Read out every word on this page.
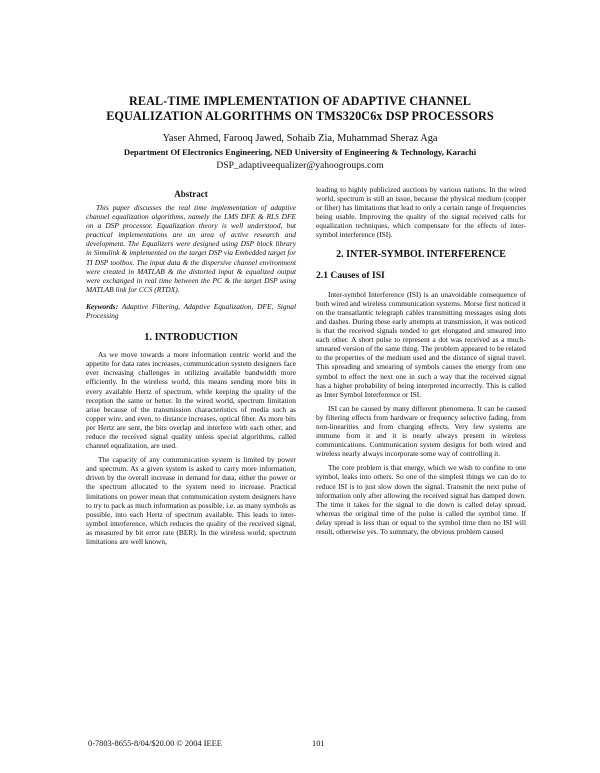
REAL-TIME IMPLEMENTATION OF ADAPTIVE CHANNEL
EQUALIZATION ALGORITHMS ON TMS320C6x DSP PROCESSORS
Yaser Ahmed, Farooq Jawed, Sohaib Zia, Muhammad Sheraz Aga
Department Of Electronics Engineering, NED University of Engineering & Technology, Karachi
DSP_adaptiveequalizer@yahoogroups.com

Abstract

This paper discusses the real time implementation of adaptive channel equalization algorithms, namely the LMS DFE & RLS DFE on a DSP processor. Equalization theory is well understood, but practical implementations are an area of active research and development. The Equalizers were designed using DSP block library in Simulink & implemented on the target DSP via Embedded target for TI DSP toolbox. The input data & the dispersive channel environment were created in MATLAB & the distorted input & equalized output were exchanged in real time between the PC & the target DSP using MATLAB link for CCS (RTDX).

Keywords: Adaptive Filtering, Adaptive Equalization, DFE, Signal Processing

1. INTRODUCTION

As we move towards a more information centric world and the appetite for data rates increases, communication system designers face ever increasing challenges in utilizing available bandwidth more efficiently. In the wireless world, this means sending more bits in every available Hertz of spectrum, while keeping the quality of the reception the same or better. In the wired world, spectrum limitation arise because of the transmission characteristics of media such as copper wire, and even, to distance increases, optical fiber. As more bits per Hertz are sent, the bits overlap and interfere with each other, and reduce the received signal quality unless special algorithms, called channel equalization, are used.

The capacity of any communication system is limited by power and spectrum. As a given system is asked to carry more information, driven by the overall increase in demand for data, either the power or the spectrum allocated to the system need to increase. Practical limitations on power mean that communication system designers have to try to pack as much information as possible, i.e. as many symbols as possible, into each Hertz of spectrum available. This leads to inter-symbol interference, which reduces the quality of the received signal, as measured by bit error rate (BER). In the wireless world, spectrum limitations are well known,

leading to highly publicized auctions by various nations. In the wired world, spectrum is still an issue, because the physical medium (copper or fiber) has limitations that lead to only a certain range of frequencies being usable. Improving the quality of the signal received calls for equalization techniques, which compensate for the effects of inter-symbol interference (ISI).

2. INTER-SYMBOL INTERFERENCE

2.1 Causes of ISI

Inter-symbol Interference (ISI) is an unavoidable consequence of both wired and wireless communication systems. Morse first noticed it on the transatlantic telegraph cables transmitting messages using dots and dashes. During these early attempts at transmission, it was noticed is that the received signals tended to get elongated and smeared into each other. A short pulse to represent a dot was received as a much-smeared version of the same thing. The problem appeared to be related to the properties of the medium used and the distance of signal travel. This spreading and smearing of symbols causes the energy from one symbol to effect the next one in such a way that the received signal has a higher probability of being interpreted incorrectly. This is called as Inter Symbol Interference or ISI.

ISI can be caused by many different phenomena. It can be caused by filtering effects from hardware or frequency selective fading, from non-linearities and from charging effects. Very few systems are immune from it and it is nearly always present in wireless communications. Communication system designs for both wired and wireless nearly always incorporate some way of controlling it.

The core problem is that energy, which we wish to confine to one symbol, leaks into others. So one of the simplest things we can do to reduce ISI is to just slow down the signal. Transmit the next pulse of information only after allowing the received signal has damped down. The time it takes for the signal to die down is called delay spread, whereas the original time of the pulse is called the symbol time. If delay spread is less than or equal to the symbol time then no ISI will result, otherwise yes. To summary, the obvious problem caused

0-7803-8655-8/04/$20.00 © 2004 IEEE	101
